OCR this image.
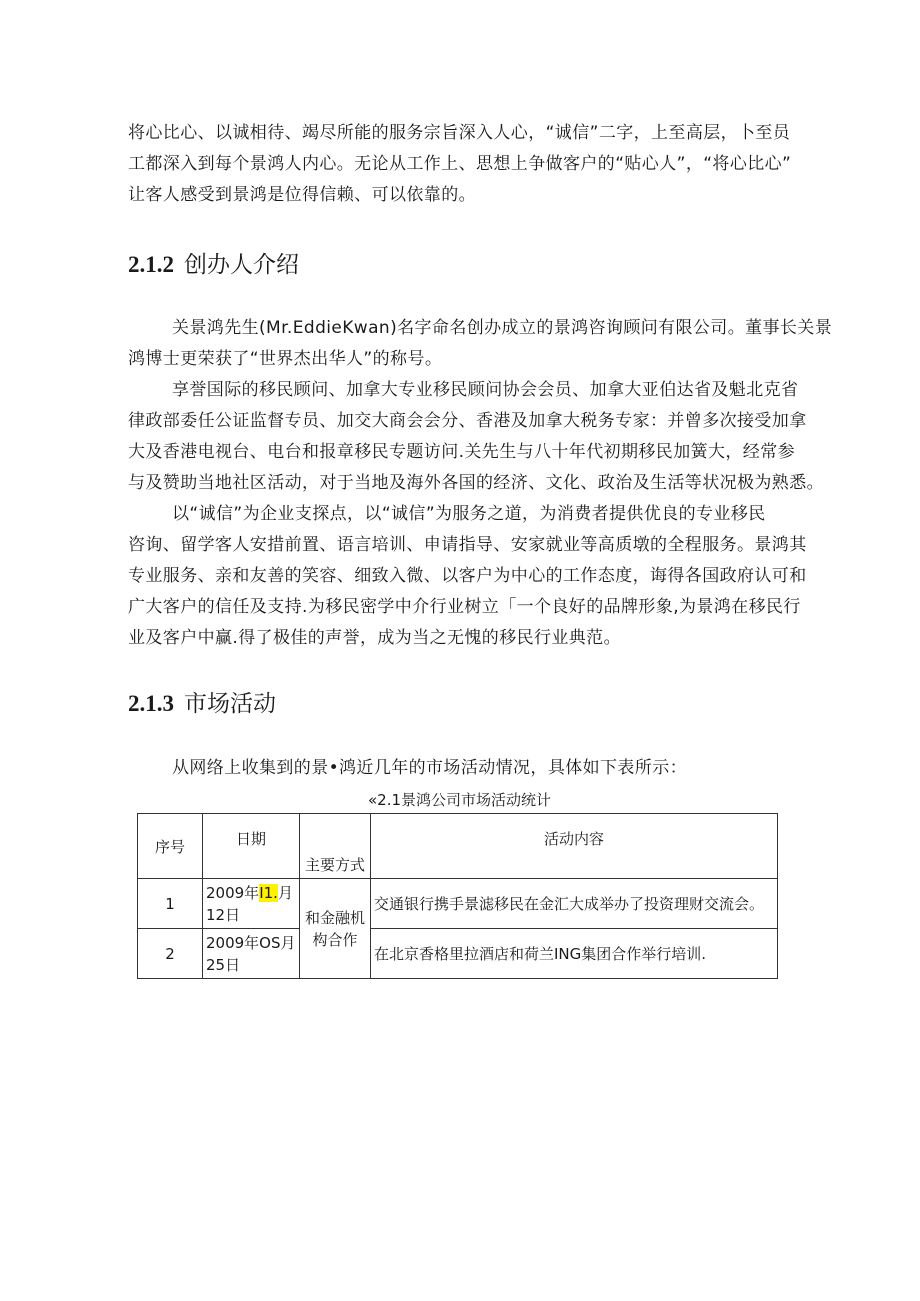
将心比心、以诚相待、竭尽所能的服务宗旨深入人心，“诚信”二字，上至高层，卜至员
工都深入到每个景鸿人内心。无论从工作上、思想上争做客户的“贴心人”，“将心比心”
让客人感受到景鸿是位得信赖、可以依靠的。

2.1.2 创办人介绍

关景鸿先生(Mr.EddieKwan)名字命名创办成立的景鸿咨询顾问有限公司。董事长关景
鸿博士更荣获了“世界杰出华人”的称号。

享誉国际的移民顾问、加拿大专业移民顾问协会会员、加拿大亚伯达省及魁北克省
律政部委任公证监督专员、加交大商会会分、香港及加拿大税务专家：并曾多次接受加拿
大及香港电视台、电台和报章移民专题访问.关先生与八十年代初期移民加簧大，经常参
与及赞助当地社区活动，对于当地及海外各国的经济、文化、政治及生活等状况极为熟悉。

以“诚信”为企业支探点，以“诚信”为服务之道，为消费者提供优良的专业移民
咨询、留学客人安措前置、语言培训、申请指导、安家就业等高质墩的全程服务。景鸿其
专业服务、亲和友善的笑容、细致入微、以客户为中心的工作态度，诲得各国政府认可和
广大客户的信任及支持.为移民密学中介行业树立「一个良好的品牌形象,为景鸿在移民行
业及客户中赢.得了极佳的声誉，成为当之无愧的移民行业典范。

2.1.3 市场活动

从网络上收集到的景•鸿近几年的市场活动情况，具体如下表所示：

«2.1景鸿公司市场活动统计
序号	日期	主要方式	活动内容
1	2009年I1.月12日	和金融机构合作	交通银行携手景滤移民在金汇大成举办了投资理财交流会。
2	2009年OS月25日		在北京香格里拉酒店和荷兰ING集团合作举行培训.
